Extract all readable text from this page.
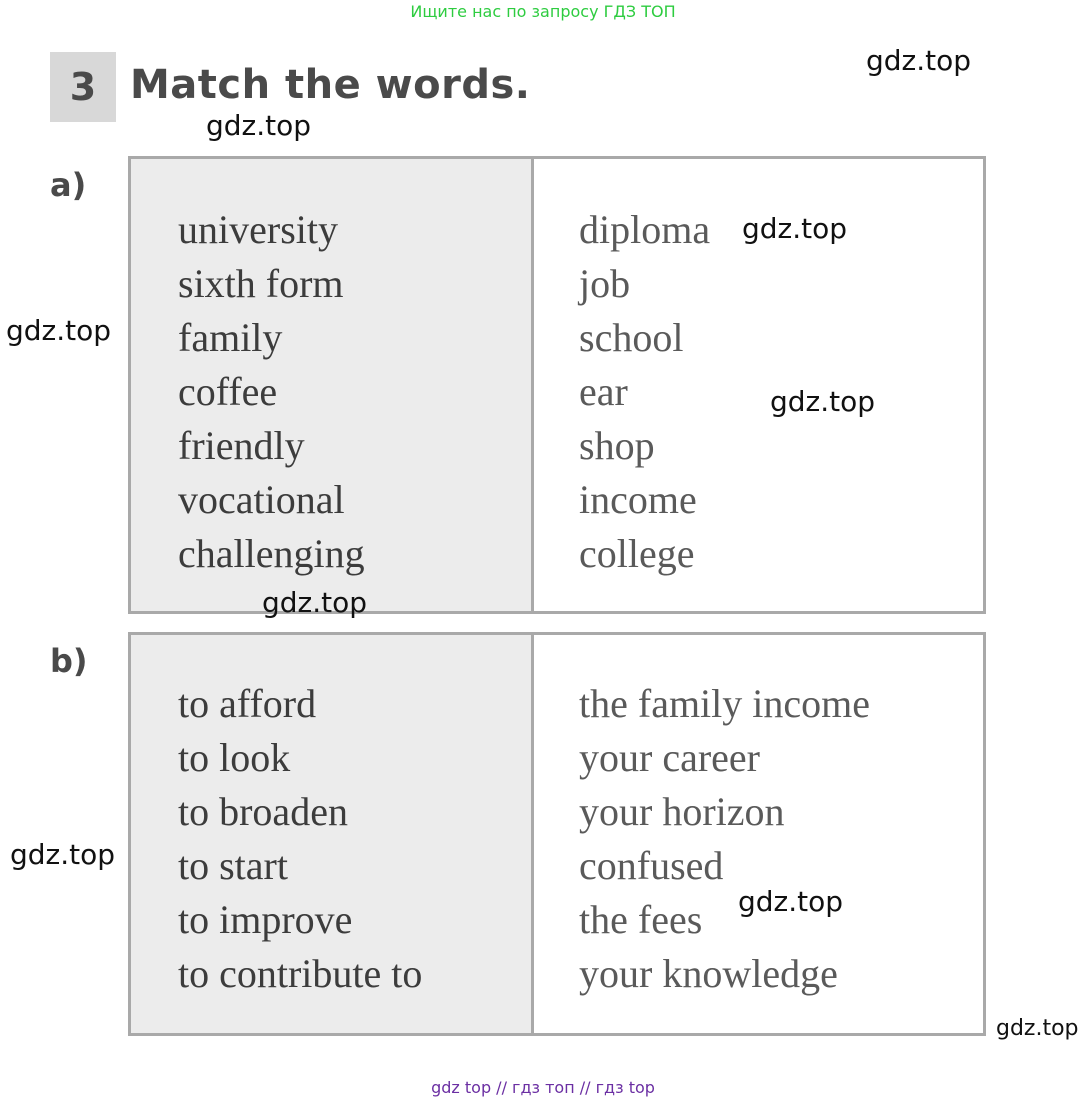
Ищите нас по запросу ГДЗ ТОП
3 Match the words.
a)
university
sixth form
family
coffee
friendly
vocational
challenging
diploma
job
school
ear
shop
income
college
b)
to afford
to look
to broaden
to start
to improve
to contribute to
the family income
your career
your horizon
confused
the fees
your knowledge
gdz.top
gdz.top
gdz.top
gdz.top
gdz.top
gdz.top
gdz.top
gdz.top
gdz.top
gdz top // гдз топ // гдз top
